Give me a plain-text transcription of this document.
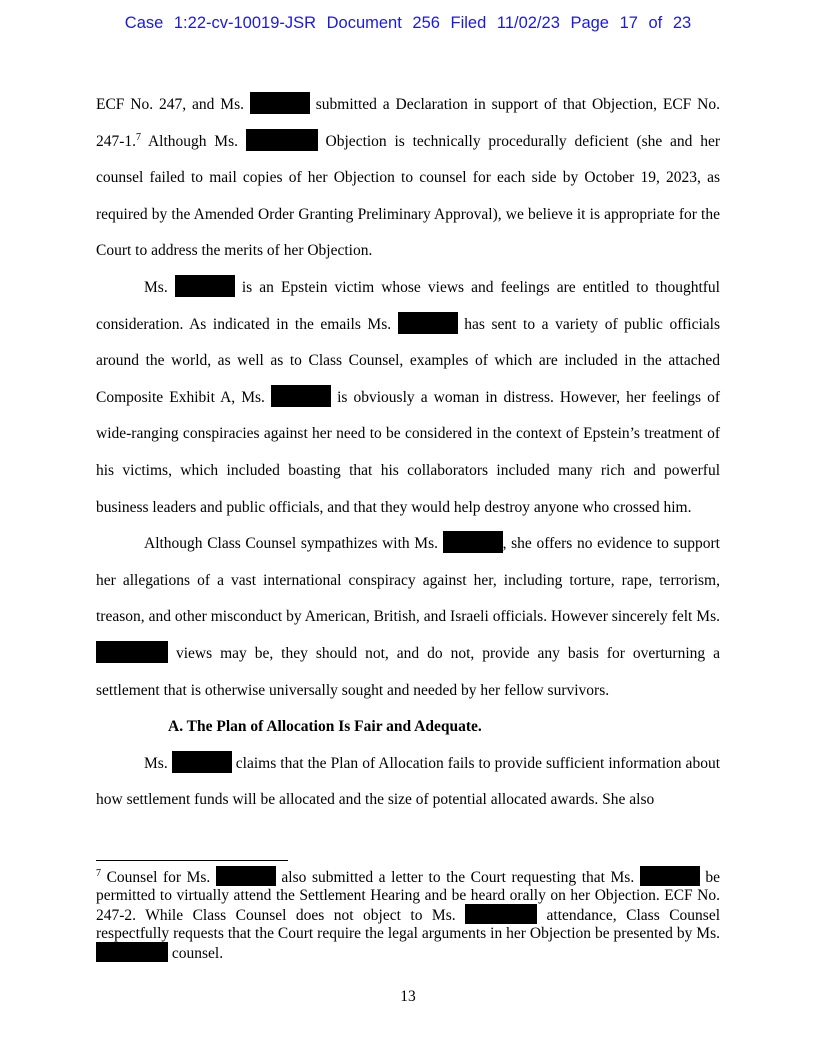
Case 1:22-cv-10019-JSR Document 256 Filed 11/02/23 Page 17 of 23

ECF No. 247, and Ms.	submitted a Declaration in support of that Objection, ECF No. 247-1.$^7$ Although Ms.	Objection is technically procedurally deficient (she and her counsel failed to mail copies of her Objection to counsel for each side by October 19, 2023, as required by the Amended Order Granting Preliminary Approval), we believe it is appropriate for the Court to address the merits of her Objection.

Ms.	is an Epstein victim whose views and feelings are entitled to thoughtful consideration. As indicated in the emails Ms.	has sent to a variety of public officials around the world, as well as to Class Counsel, examples of which are included in the attached Composite Exhibit A, Ms.	is obviously a woman in distress. However, her feelings of wide-ranging conspiracies against her need to be considered in the context of Epstein’s treatment of his victims, which included boasting that his collaborators included many rich and powerful business leaders and public officials, and that they would help destroy anyone who crossed him.

Although Class Counsel sympathizes with Ms.	, she offers no evidence to support her allegations of a vast international conspiracy against her, including torture, rape, terrorism, treason, and other misconduct by American, British, and Israeli officials. However sincerely felt Ms.  views may be, they should not, and do not, provide any basis for overturning a settlement that is otherwise universally sought and needed by her fellow survivors.

A. The Plan of Allocation Is Fair and Adequate.

Ms.	claims that the Plan of Allocation fails to provide sufficient information about how settlement funds will be allocated and the size of potential allocated awards. She also

$^7$ Counsel for Ms.	also submitted a letter to the Court requesting that Ms.	be permitted to virtually attend the Settlement Hearing and be heard orally on her Objection. ECF No. 247-2. While Class Counsel does not object to Ms.	attendance, Class Counsel respectfully requests that the Court require the legal arguments in her Objection be presented by Ms.  counsel.

13
